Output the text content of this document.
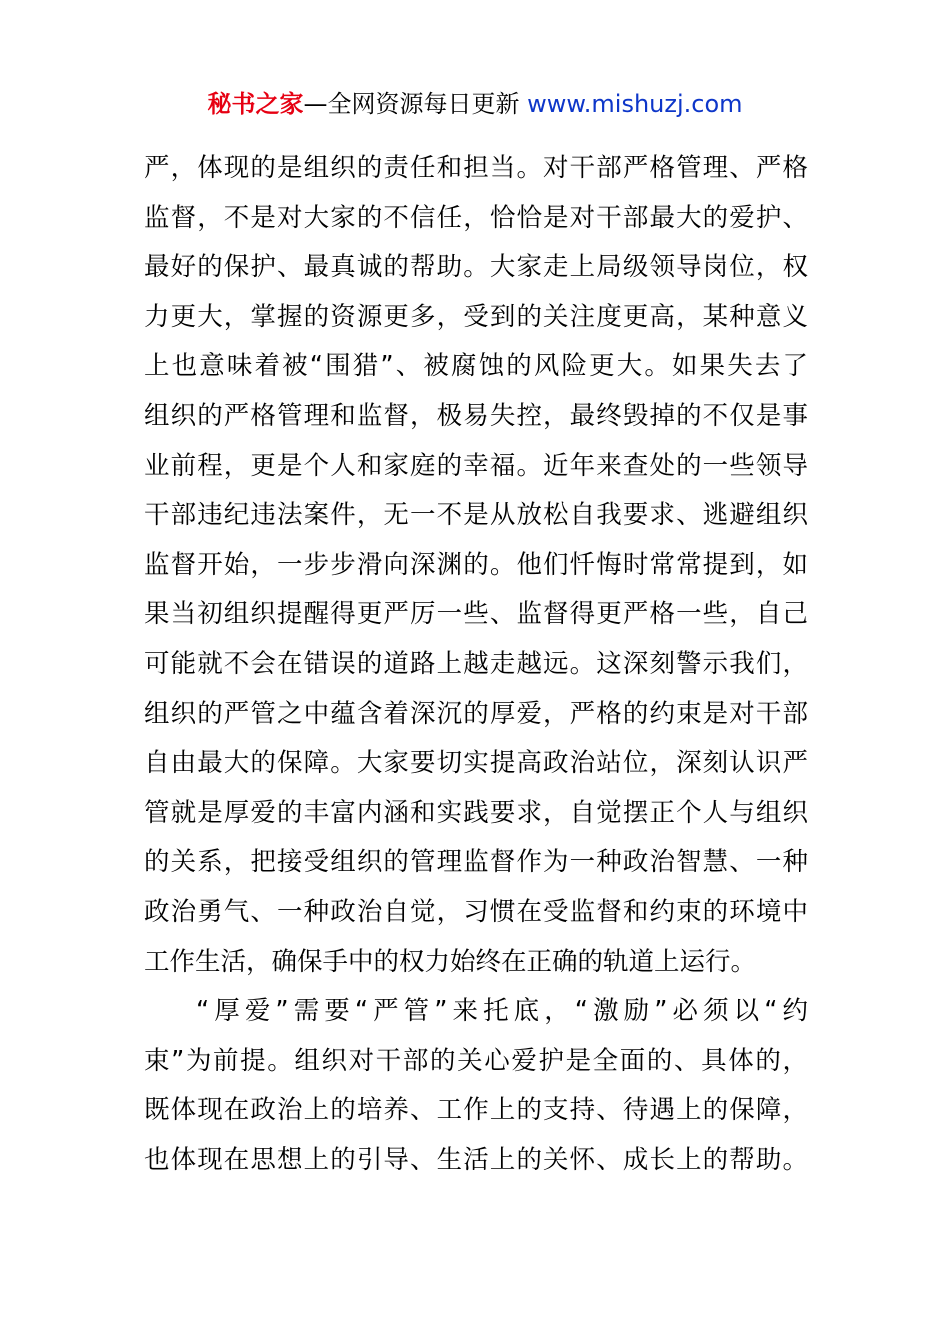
秘书之家—全网资源每日更新 www.mishuzj.com
严，体现的是组织的责任和担当。对干部严格管理、严格
监督，不是对大家的不信任，恰恰是对干部最大的爱护、
最好的保护、最真诚的帮助。大家走上局级领导岗位，权
力更大，掌握的资源更多，受到的关注度更高，某种意义
上也意味着被“围猎”、被腐蚀的风险更大。如果失去了
组织的严格管理和监督，极易失控，最终毁掉的不仅是事
业前程，更是个人和家庭的幸福。近年来查处的一些领导
干部违纪违法案件，无一不是从放松自我要求、逃避组织
监督开始，一步步滑向深渊的。他们忏悔时常常提到，如
果当初组织提醒得更严厉一些、监督得更严格一些，自己
可能就不会在错误的道路上越走越远。这深刻警示我们，
组织的严管之中蕴含着深沉的厚爱，严格的约束是对干部
自由最大的保障。大家要切实提高政治站位，深刻认识严
管就是厚爱的丰富内涵和实践要求，自觉摆正个人与组织
的关系，把接受组织的管理监督作为一种政治智慧、一种
政治勇气、一种政治自觉，习惯在受监督和约束的环境中
工作生活，确保手中的权力始终在正确的轨道上运行。
“厚爱”需要“严管”来托底，“激励”必须以“约
束”为前提。组织对干部的关心爱护是全面的、具体的，
既体现在政治上的培养、工作上的支持、待遇上的保障，
也体现在思想上的引导、生活上的关怀、成长上的帮助。
